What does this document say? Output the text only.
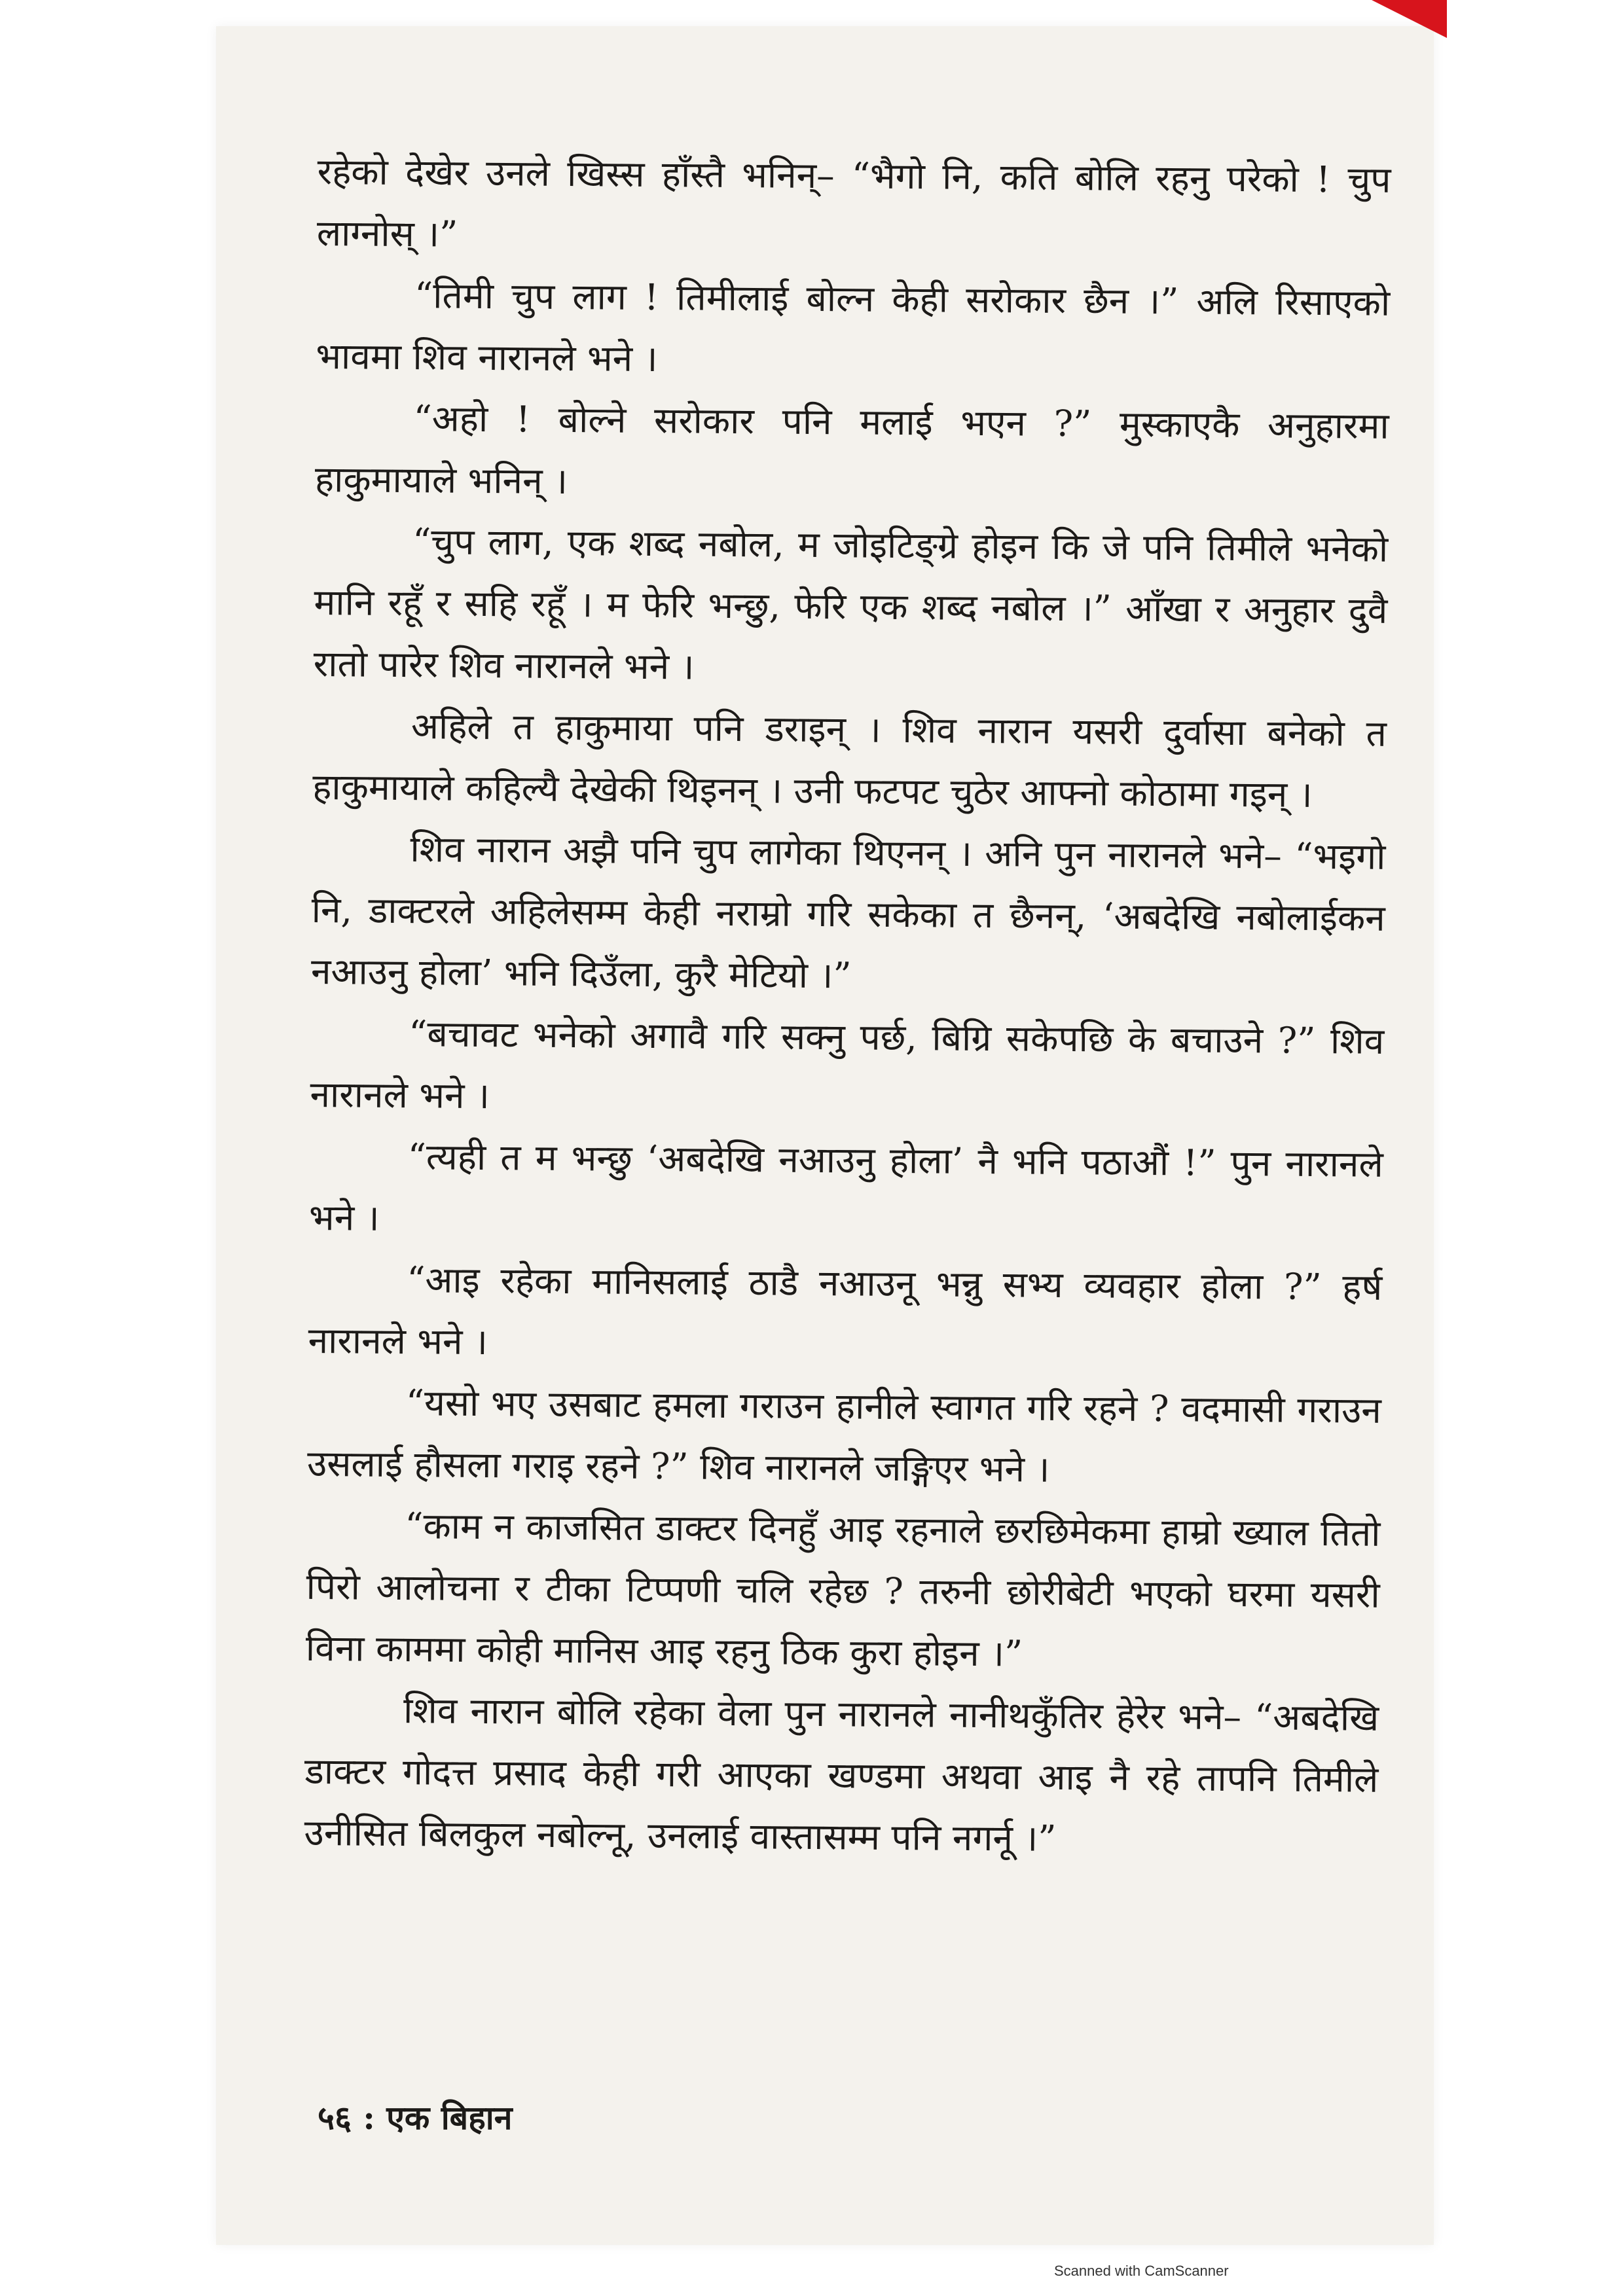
रहेको देखेर उनले खिस्स हाँस्तै भनिन्– “भैगो नि, कति बोलि रहनु परेको ! चुप लाग्नोस् ।”

“तिमी चुप लाग ! तिमीलाई बोल्न केही सरोकार छैन ।” अलि रिसाएको भावमा शिव नारानले भने ।

“अहो ! बोल्ने सरोकार पनि मलाई भएन ?” मुस्काएकै अनुहारमा हाकुमायाले भनिन् ।

“चुप लाग, एक शब्द नबोल, म जोइटिङ्ग्रे होइन कि जे पनि तिमीले भनेको मानि रहूँ र सहि रहूँ । म फेरि भन्छु, फेरि एक शब्द नबोल ।” आँखा र अनुहार दुवै रातो पारेर शिव नारानले भने ।

अहिले त हाकुमाया पनि डराइन् । शिव नारान यसरी दुर्वासा बनेको त हाकुमायाले कहिल्यै देखेकी थिइनन् । उनी फटपट चुठेर आफ्नो कोठामा गइन् ।

शिव नारान अझै पनि चुप लागेका थिएनन् । अनि पुन नारानले भने– “भइगो नि, डाक्टरले अहिलेसम्म केही नराम्रो गरि सकेका त छैनन्, ‘अबदेखि नबोलाईकन नआउनु होला’ भनि दिउँला, कुरै मेटियो ।”

“बचावट भनेको अगावै गरि सक्नु पर्छ, बिग्रि सकेपछि के बचाउने ?” शिव नारानले भने ।

“त्यही त म भन्छु ‘अबदेखि नआउनु होला’ नै भनि पठाऔं !” पुन नारानले भने ।

“आइ रहेका मानिसलाई ठाडै नआउनू भन्नु सभ्य व्यवहार होला ?” हर्ष नारानले भने ।

“यसो भए उसबाट हमला गराउन हानीले स्वागत गरि रहने ? वदमासी गराउन उसलाई हौसला गराइ रहने ?” शिव नारानले जङ्गिएर भने ।

“काम न काजसित डाक्टर दिनहुँ आइ रहनाले छरछिमेकमा हाम्रो ख्याल तितो पिरो आलोचना र टीका टिप्पणी चलि रहेछ ? तरुनी छोरीबेटी भएको घरमा यसरी विना काममा कोही मानिस आइ रहनु ठिक कुरा होइन ।”

शिव नारान बोलि रहेका वेला पुन नारानले नानीथकुँतिर हेरेर भने– “अबदेखि डाक्टर गोदत्त प्रसाद केही गरी आएका खण्डमा अथवा आइ नै रहे तापनि तिमीले उनीसित बिलकुल नबोल्नू, उनलाई वास्तासम्म पनि नगर्नू ।”

५६ : एक बिहान
Scanned with CamScanner
